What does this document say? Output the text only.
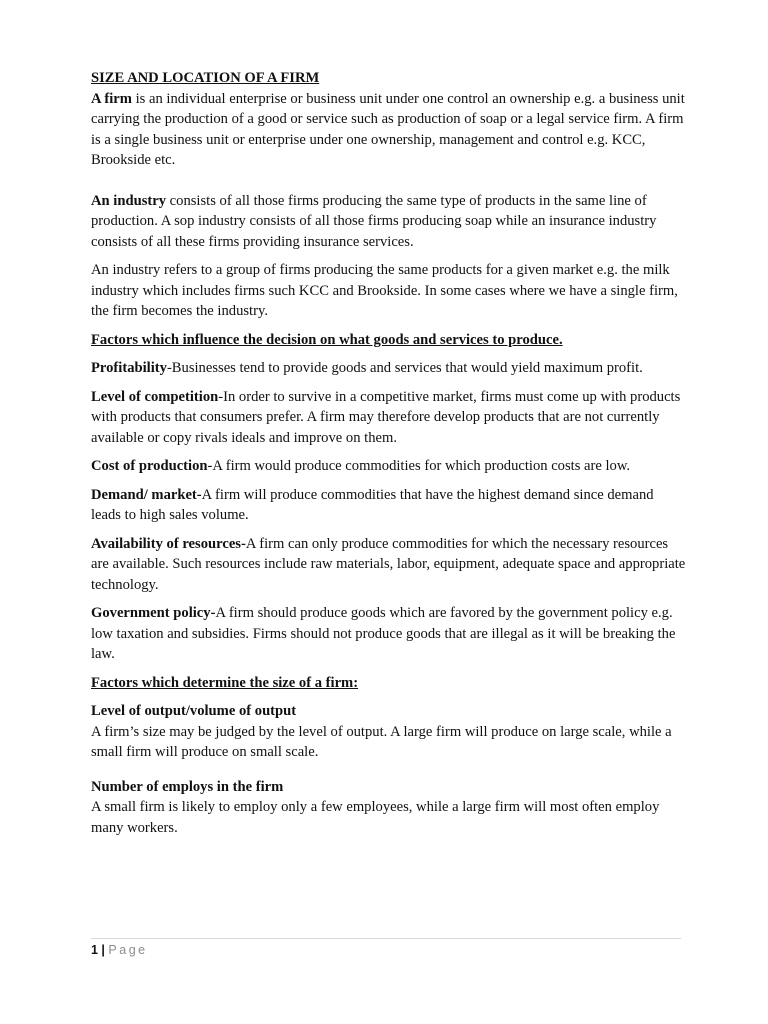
SIZE AND LOCATION OF A FIRM

A firm is an individual enterprise or business unit under one control an ownership e.g. a business unit carrying the production of a good or service such as production of soap or a legal service firm. A firm is a single business unit or enterprise under one ownership, management and control e.g. KCC, Brookside etc.

An industry consists of all those firms producing the same type of products in the same line of production. A sop industry consists of all those firms producing soap while an insurance industry consists of all these firms providing insurance services.

An industry refers to a group of firms producing the same products for a given market e.g. the milk industry which includes firms such KCC and Brookside. In some cases where we have a single firm, the firm becomes the industry.

Factors which influence the decision on what goods and services to produce.

Profitability-Businesses tend to provide goods and services that would yield maximum profit.

Level of competition-In order to survive in a competitive market, firms must come up with products with products that consumers prefer. A firm may therefore develop products that are not currently available or copy rivals ideals and improve on them.

Cost of production-A firm would produce commodities for which production costs are low.

Demand/ market-A firm will produce commodities that have the highest demand since demand leads to high sales volume.

Availability of resources-A firm can only produce commodities for which the necessary resources are available. Such resources include raw materials, labor, equipment, adequate space and appropriate technology.

Government policy-A firm should produce goods which are favored by the government policy e.g. low taxation and subsidies. Firms should not produce goods that are illegal as it will be breaking the law.

Factors which determine the size of a firm:

Level of output/volume of output

A firm’s size may be judged by the level of output. A large firm will produce on large scale, while a small firm will produce on small scale.

Number of employs in the firm

A small firm is likely to employ only a few employees, while a large firm will most often employ many workers.

1 | Page
